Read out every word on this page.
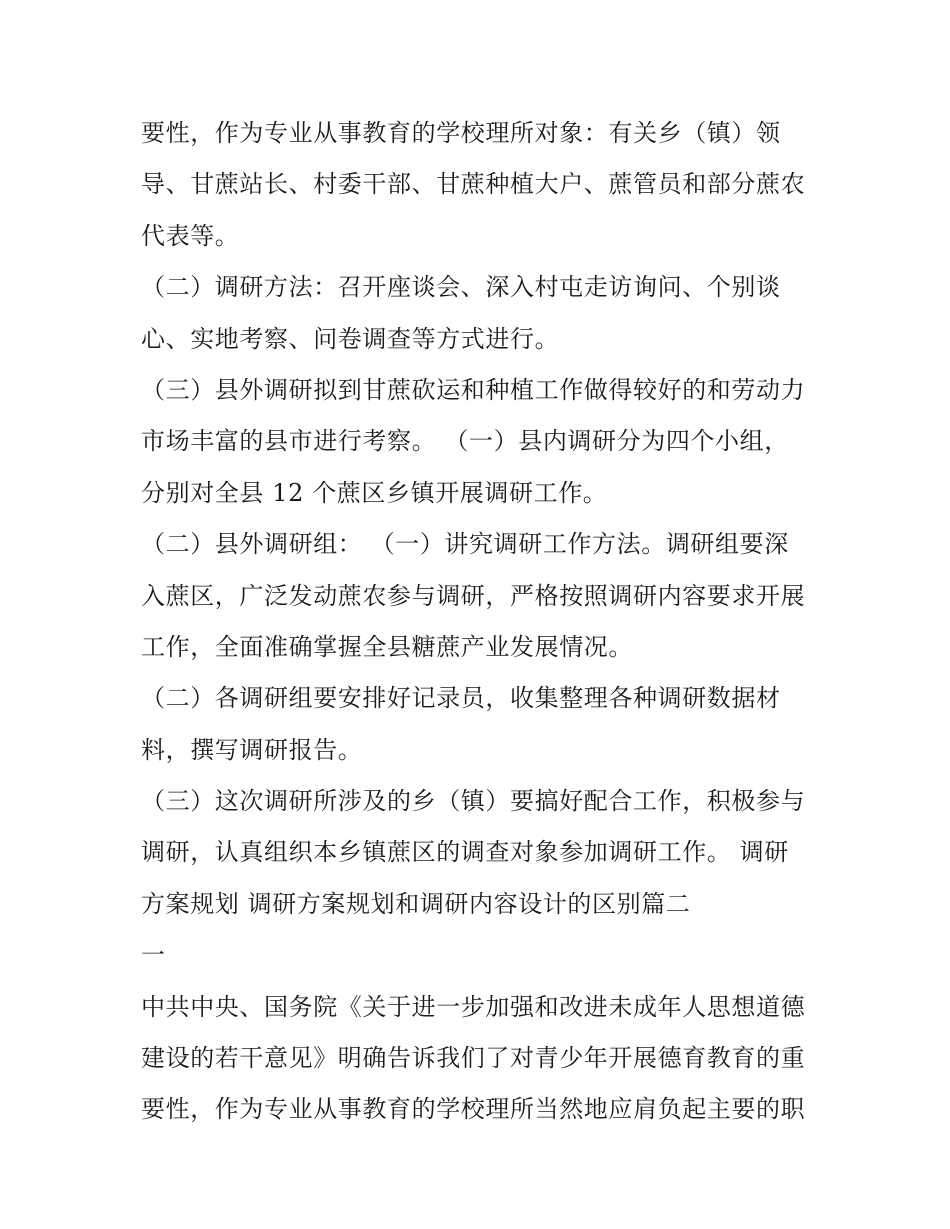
要性，作为专业从事教育的学校理所对象：有关乡（镇）领
导、甘蔗站长、村委干部、甘蔗种植大户、蔗管员和部分蔗农
代表等。
（二）调研方法：召开座谈会、深入村屯走访询问、个别谈
心、实地考察、问卷调查等方式进行。
（三）县外调研拟到甘蔗砍运和种植工作做得较好的和劳动力
市场丰富的县市进行考察。 （一）县内调研分为四个小组，
分别对全县 12 个蔗区乡镇开展调研工作。
（二）县外调研组： （一）讲究调研工作方法。调研组要深
入蔗区，广泛发动蔗农参与调研，严格按照调研内容要求开展
工作，全面准确掌握全县糖蔗产业发展情况。
（二）各调研组要安排好记录员，收集整理各种调研数据材
料，撰写调研报告。
（三）这次调研所涉及的乡（镇）要搞好配合工作，积极参与
调研，认真组织本乡镇蔗区的调查对象参加调研工作。 调研
方案规划 调研方案规划和调研内容设计的区别篇二
一
中共中央、国务院《关于进一步加强和改进未成年人思想道德
建设的若干意见》明确告诉我们了对青少年开展德育教育的重
要性，作为专业从事教育的学校理所当然地应肩负起主要的职
